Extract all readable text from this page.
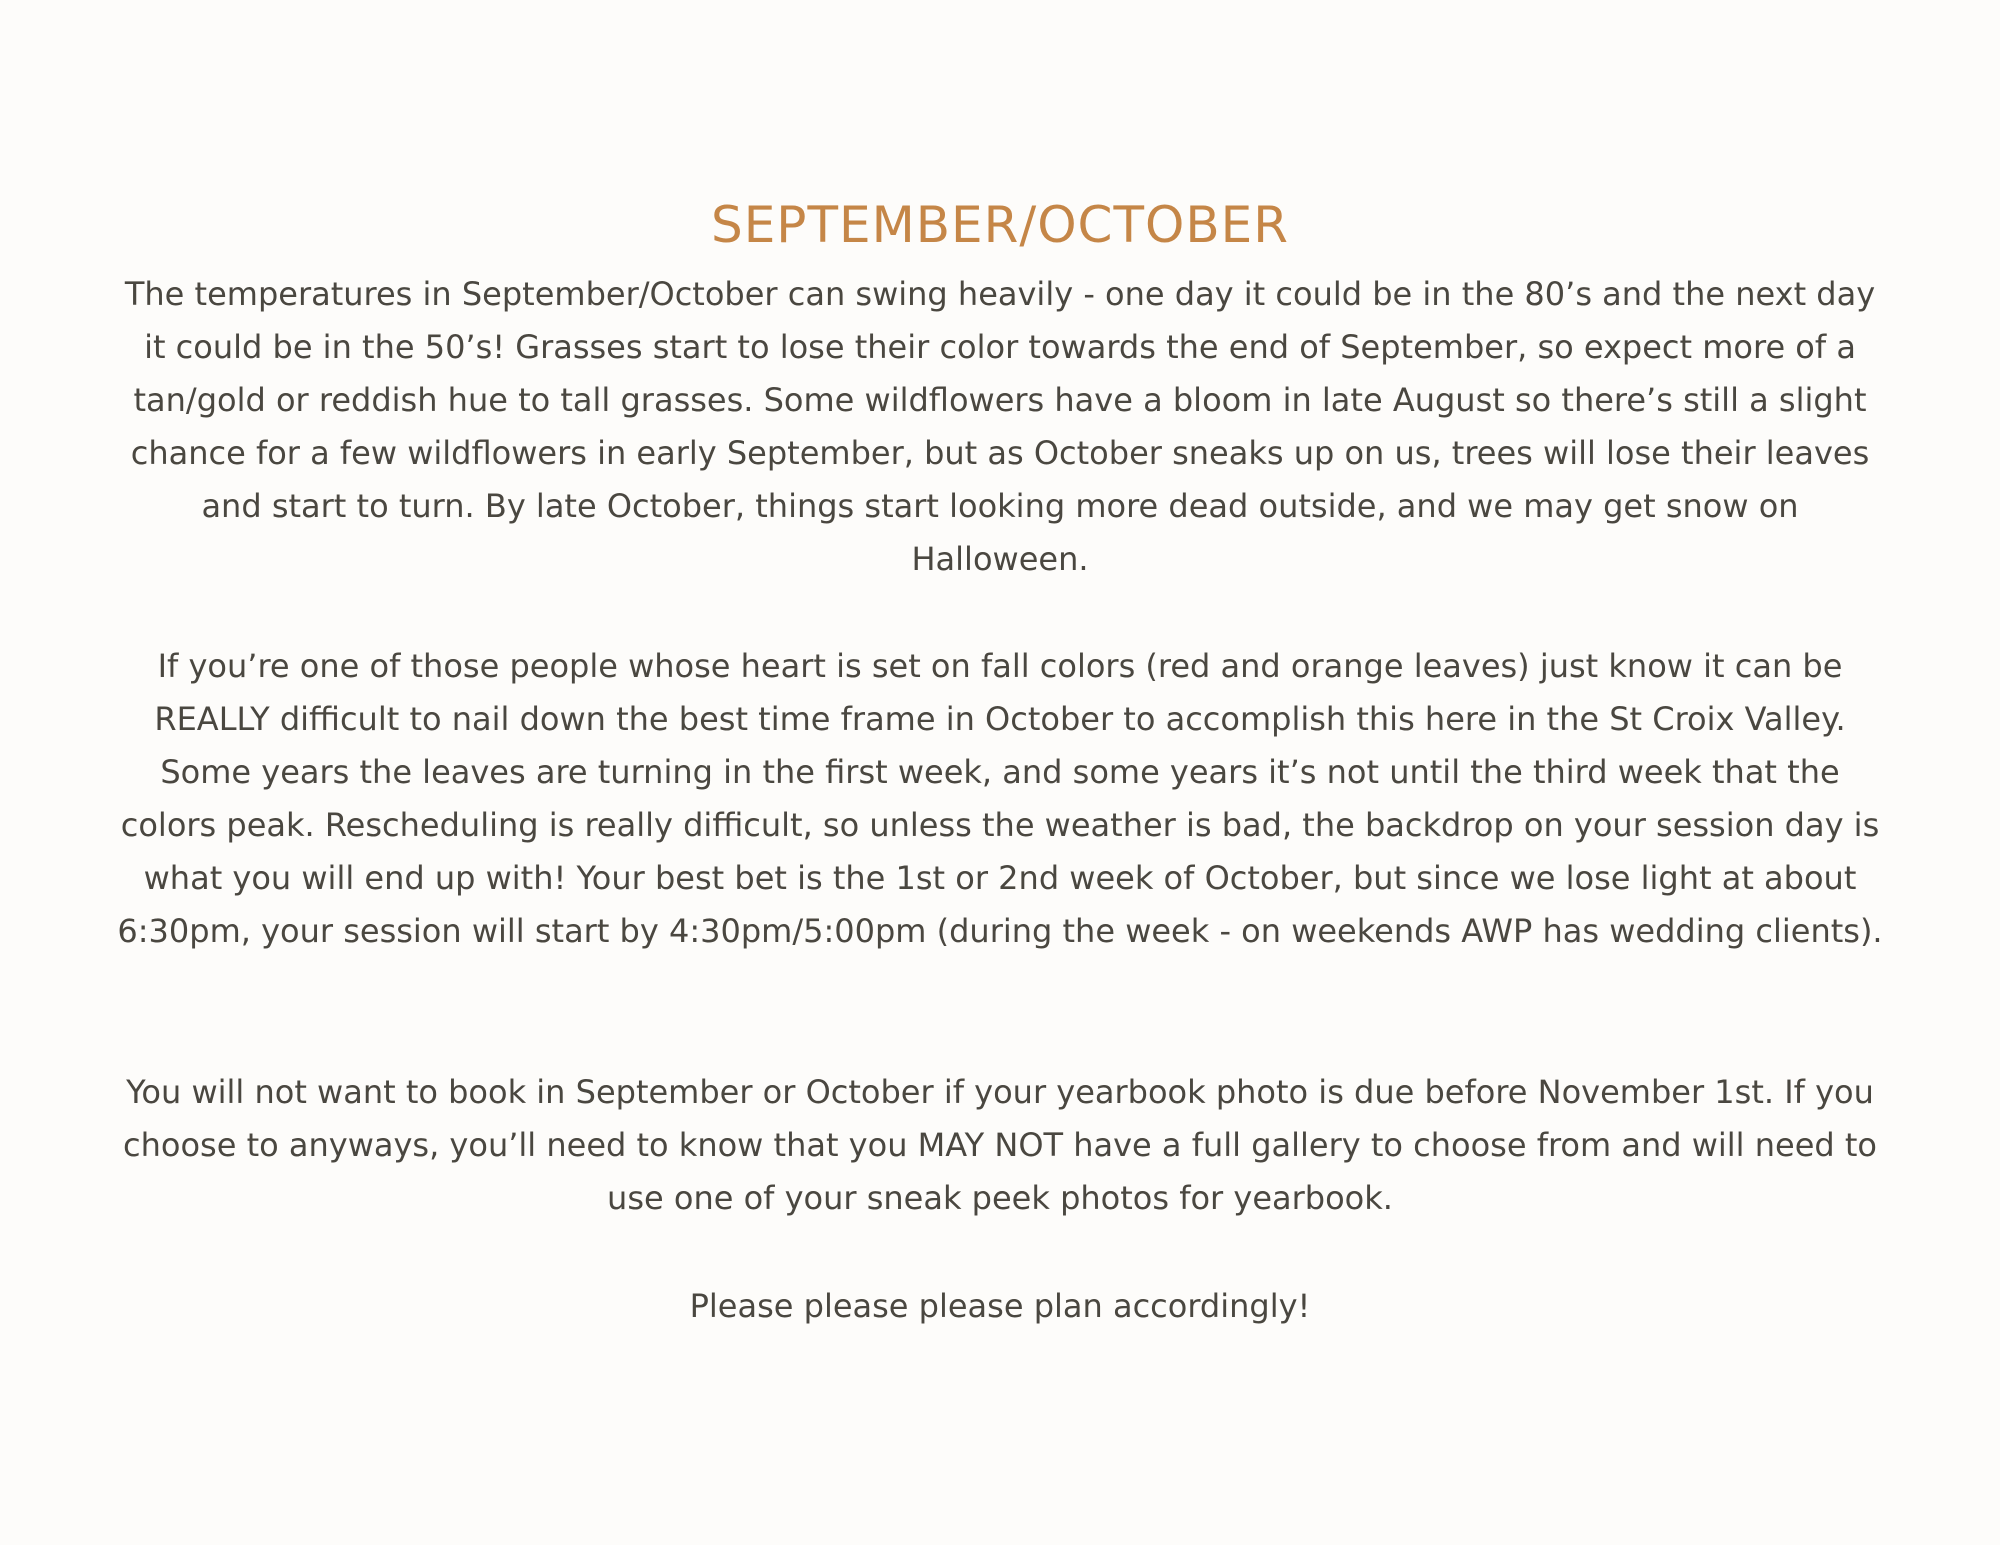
SEPTEMBER/OCTOBER

The temperatures in September/October can swing heavily - one day it could be in the 80’s and the next day it could be in the 50’s! Grasses start to lose their color towards the end of September, so expect more of a tan/gold or reddish hue to tall grasses. Some wildflowers have a bloom in late August so there’s still a slight chance for a few wildflowers in early September, but as October sneaks up on us, trees will lose their leaves and start to turn. By late October, things start looking more dead outside, and we may get snow on Halloween.

If you’re one of those people whose heart is set on fall colors (red and orange leaves) just know it can be REALLY difficult to nail down the best time frame in October to accomplish this here in the St Croix Valley. Some years the leaves are turning in the first week, and some years it’s not until the third week that the colors peak. Rescheduling is really difficult, so unless the weather is bad, the backdrop on your session day is what you will end up with! Your best bet is the 1st or 2nd week of October, but since we lose light at about 6:30pm, your session will start by 4:30pm/5:00pm (during the week - on weekends AWP has wedding clients).

You will not want to book in September or October if your yearbook photo is due before November 1st. If you choose to anyways, you’ll need to know that you MAY NOT have a full gallery to choose from and will need to use one of your sneak peek photos for yearbook.

Please please please plan accordingly!
